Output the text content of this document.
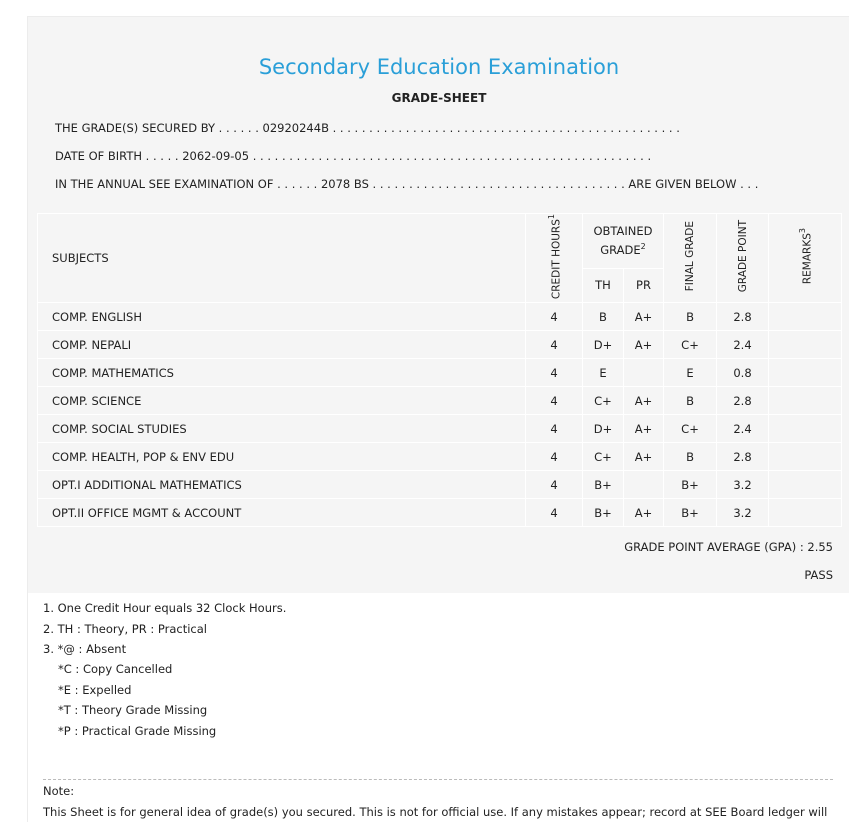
Secondary Education Examination
GRADE-SHEET
THE GRADE(S) SECURED BY . . . . . . 02920244B . . . . . . . . . . . . . . . . . . . . . . . . . . . . . . . . . . . . . . . . . . . . . . . .
DATE OF BIRTH . . . . . 2062-09-05 . . . . . . . . . . . . . . . . . . . . . . . . . . . . . . . . . . . . . . . . . . . . . . . . . . . . . . .
IN THE ANNUAL SEE EXAMINATION OF . . . . . . 2078 BS . . . . . . . . . . . . . . . . . . . . . . . . . . . . . . . . . . . ARE GIVEN BELOW . . .
SUBJECTS	CREDIT HOURS$^1$	OBTAINED GRADE$^2$		FINAL GRADE	GRADE POINT	REMARKS$^3$
		TH	PR			
COMP. ENGLISH	4	B	A+	B	2.8	
COMP. NEPALI	4	D+	A+	C+	2.4	
COMP. MATHEMATICS	4	E		E	0.8	
COMP. SCIENCE	4	C+	A+	B	2.8	
COMP. SOCIAL STUDIES	4	D+	A+	C+	2.4	
COMP. HEALTH, POP & ENV EDU	4	C+	A+	B	2.8	
OPT.I ADDITIONAL MATHEMATICS	4	B+		B+	3.2	
OPT.II OFFICE MGMT & ACCOUNT	4	B+	A+	B+	3.2	
GRADE POINT AVERAGE (GPA) : 2.55
PASS
1. One Credit Hour equals 32 Clock Hours.
2. TH : Theory, PR : Practical
3. *@ : Absent
*C : Copy Cancelled
*E : Expelled
*T : Theory Grade Missing
*P : Practical Grade Missing
Note:
This Sheet is for general idea of grade(s) you secured. This is not for official use. If any mistakes appear; record at SEE Board ledger will
